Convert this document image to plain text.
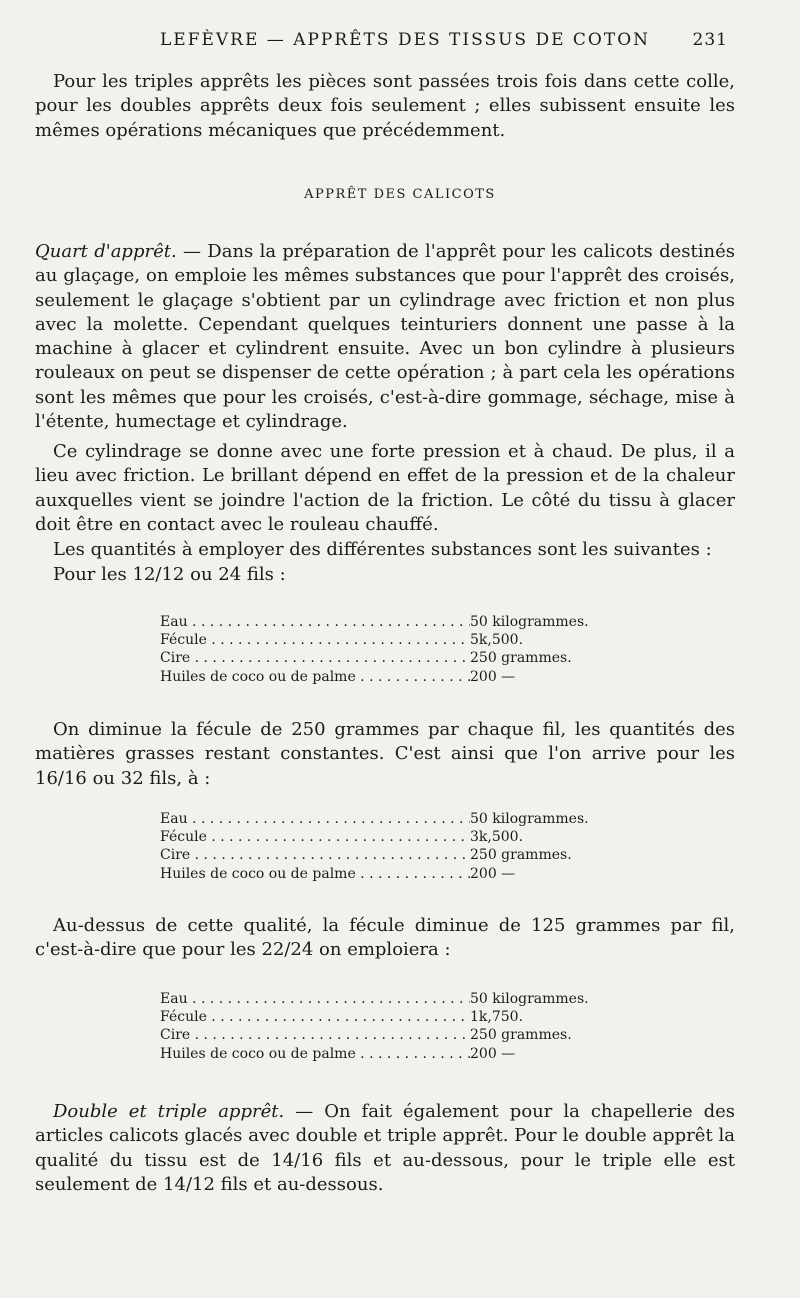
LEFÈVRE — APPRÊTS DES TISSUS DE COTON	231

Pour les triples apprêts les pièces sont passées trois fois dans cette colle, pour les doubles apprêts deux fois seulement ; elles subissent ensuite les mêmes opérations mécaniques que précédemment.

APPRÊT DES CALICOTS

Quart d'apprêt. — Dans la préparation de l'apprêt pour les calicots destinés au glaçage, on emploie les mêmes substances que pour l'apprêt des croisés, seulement le glaçage s'obtient par un cylindrage avec friction et non plus avec la molette. Cependant quelques teinturiers donnent une passe à la machine à glacer et cylindrent ensuite. Avec un bon cylindre à plusieurs rouleaux on peut se dispenser de cette opération ; à part cela les opérations sont les mêmes que pour les croisés, c'est-à-dire gommage, séchage, mise à l'étente, humectage et cylindrage.

Ce cylindrage se donne avec une forte pression et à chaud. De plus, il a lieu avec friction. Le brillant dépend en effet de la pression et de la chaleur auxquelles vient se joindre l'action de la friction. Le côté du tissu à glacer doit être en contact avec le rouleau chauffé.

Les quantités à employer des différentes substances sont les suivantes :

Pour les 12/12 ou 24 fils :

Eau . . .	50 kilogrammes.
Fécule . . .	5k,500.
Cire . . .	250 grammes.
Huiles de coco ou de palme . . .	200 —

On diminue la fécule de 250 grammes par chaque fil, les quantités des matières grasses restant constantes. C'est ainsi que l'on arrive pour les 16/16 ou 32 fils, à :

Eau . . .	50 kilogrammes.
Fécule . . .	3k,500.
Cire . . .	250 grammes.
Huiles de coco ou de palme . . .	200 —

Au-dessus de cette qualité, la fécule diminue de 125 grammes par fil, c'est-à-dire que pour les 22/24 on emploiera :

Eau . . .	50 kilogrammes.
Fécule . . .	1k,750.
Cire . . .	250 grammes.
Huiles de coco ou de palme . . .	200 —

Double et triple apprêt. — On fait également pour la chapellerie des articles calicots glacés avec double et triple apprêt. Pour le double apprêt la qualité du tissu est de 14/16 fils et au-dessous, pour le triple elle est seulement de 14/12 fils et au-dessous.
